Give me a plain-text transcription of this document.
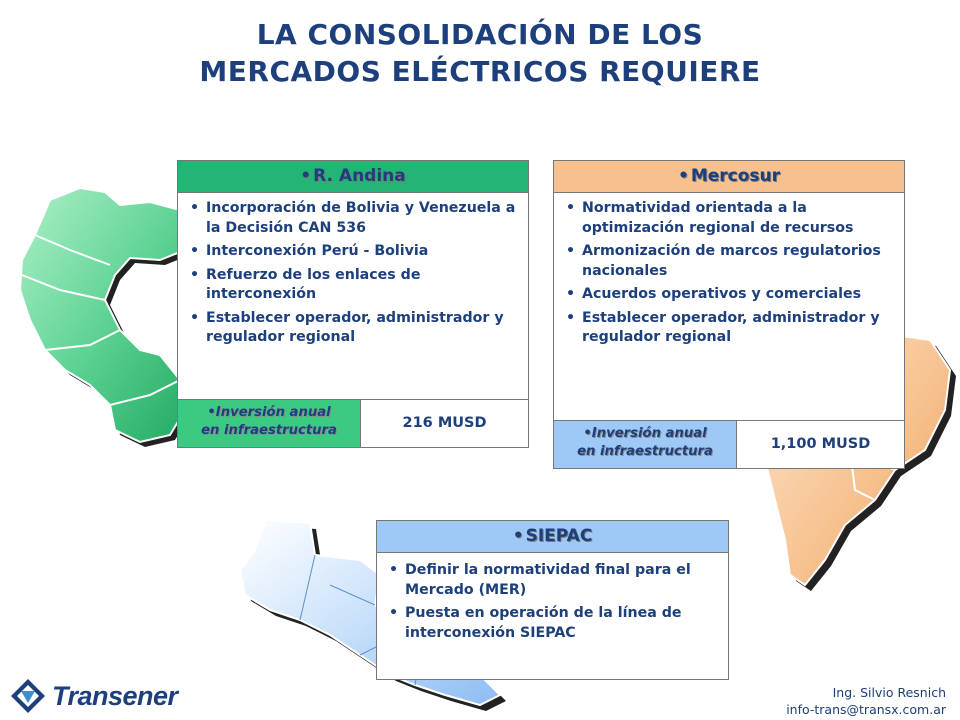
LA CONSOLIDACIÓN DE LOS
MERCADOS ELÉCTRICOS REQUIERE
• R. Andina
• Incorporación de Bolivia y Venezuela a la Decisión CAN 536
• Interconexión Perú - Bolivia
• Refuerzo de los enlaces de interconexión
• Establecer operador, administrador y regulador regional
•Inversión anual
en infraestructura	216 MUSD
• Mercosur
• Normatividad orientada a la optimización regional de recursos
• Armonización de marcos regulatorios nacionales
• Acuerdos operativos y comerciales
• Establecer operador, administrador y regulador regional
•Inversión anual
en infraestructura	1,100 MUSD
• SIEPAC
• Definir la normatividad final para el Mercado (MER)
• Puesta en operación de la línea de interconexión SIEPAC
Transener	Ing. Silvio Resnich
info-trans@transx.com.ar
